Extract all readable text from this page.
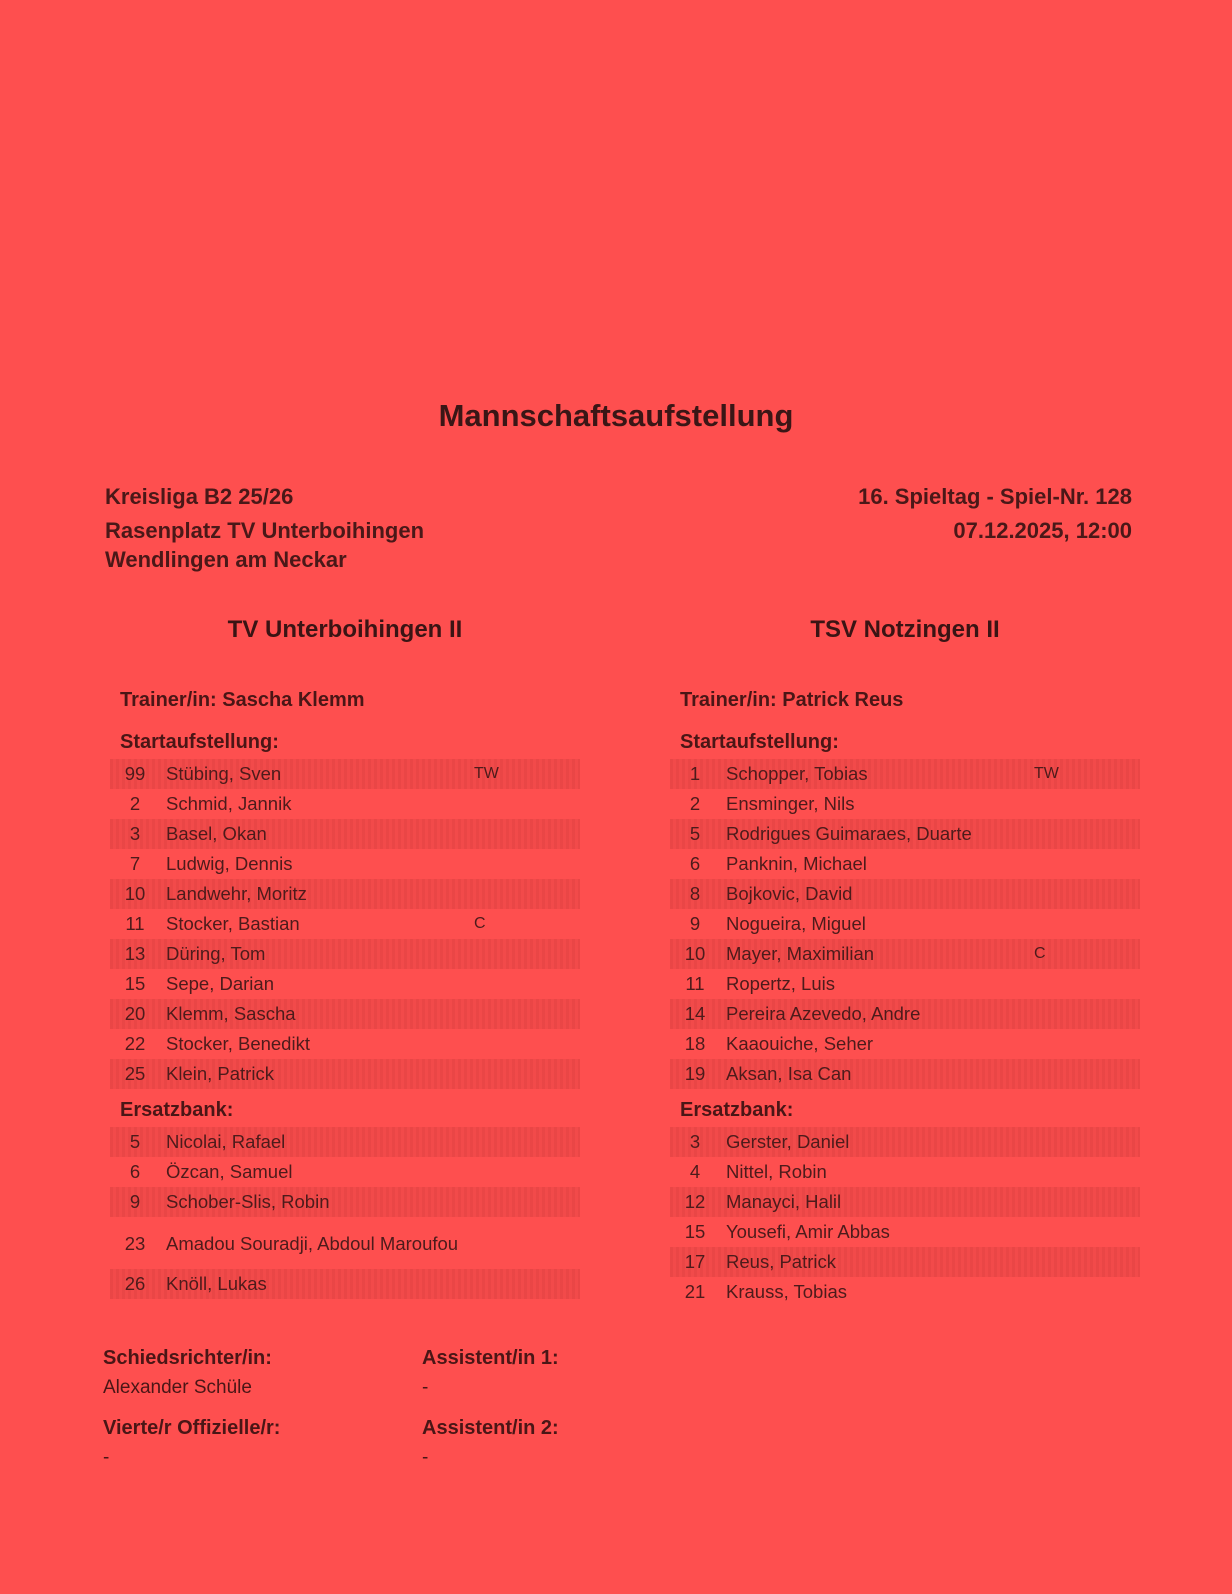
Mannschaftsaufstellung
Kreisliga B2 25/26
Rasenplatz TV Unterboihingen
Wendlingen am Neckar
16. Spieltag - Spiel-Nr. 128
07.12.2025, 12:00
TV Unterboihingen II
Trainer/in: Sascha Klemm
Startaufstellung:
99	Stübing, Sven	TW
2	Schmid, Jannik
3	Basel, Okan
7	Ludwig, Dennis
10	Landwehr, Moritz
11	Stocker, Bastian	C
13	Düring, Tom
15	Sepe, Darian
20	Klemm, Sascha
22	Stocker, Benedikt
25	Klein, Patrick
Ersatzbank:
5	Nicolai, Rafael
6	Özcan, Samuel
9	Schober-Slis, Robin
23	Amadou Souradji, Abdoul Maroufou
26	Knöll, Lukas
TSV Notzingen II
Trainer/in: Patrick Reus
Startaufstellung:
1	Schopper, Tobias	TW
2	Ensminger, Nils
5	Rodrigues Guimaraes, Duarte
6	Panknin, Michael
8	Bojkovic, David
9	Nogueira, Miguel
10	Mayer, Maximilian	C
11	Ropertz, Luis
14	Pereira Azevedo, Andre
18	Kaaouiche, Seher
19	Aksan, Isa Can
Ersatzbank:
3	Gerster, Daniel
4	Nittel, Robin
12	Manayci, Halil
15	Yousefi, Amir Abbas
17	Reus, Patrick
21	Krauss, Tobias
Schiedsrichter/in:
Alexander Schüle
Vierte/r Offizielle/r:
-
Assistent/in 1:
-
Assistent/in 2:
-
